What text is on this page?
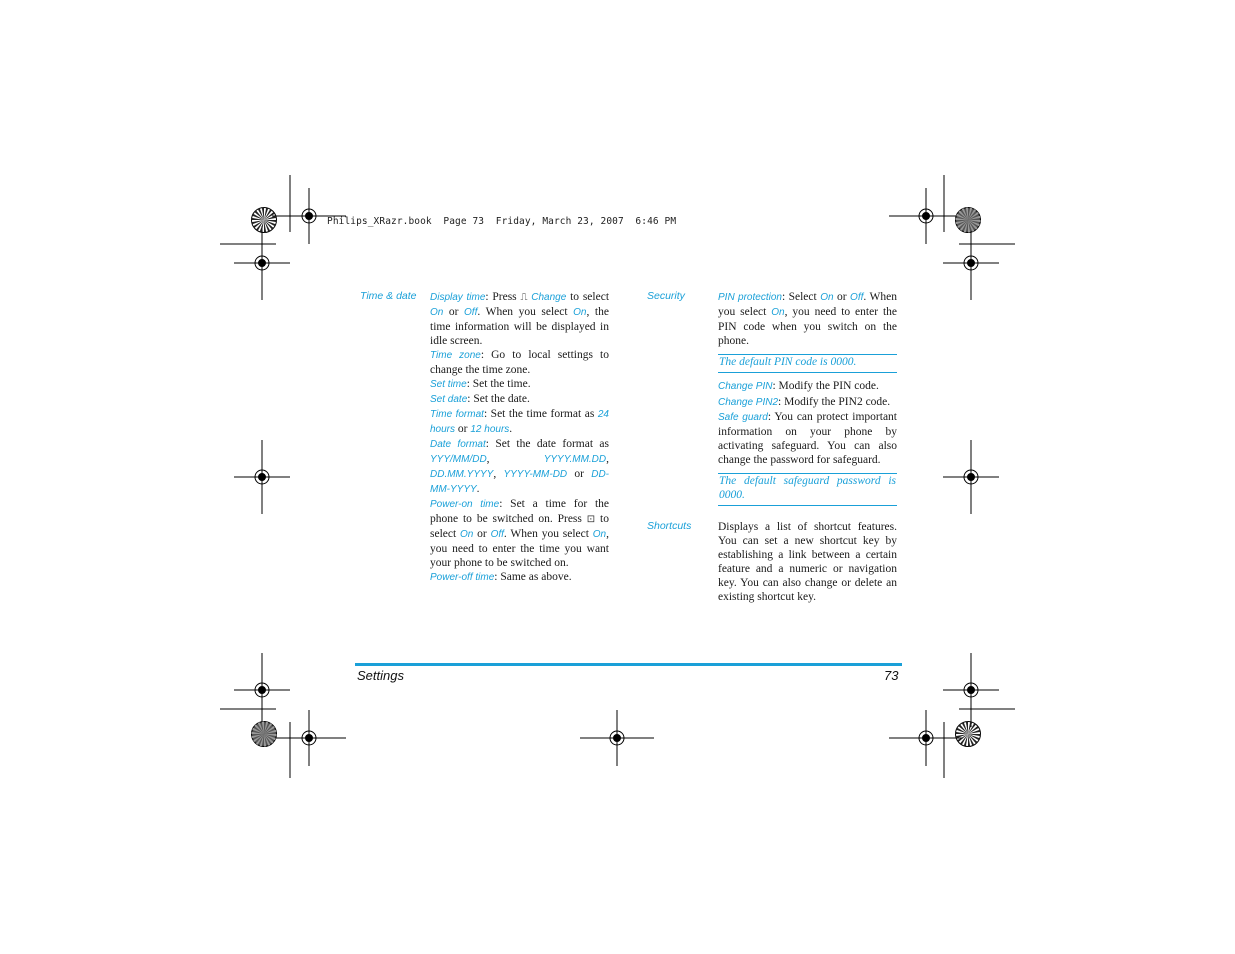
Philips_XRazr.book  Page 73  Friday, March 23, 2007  6:46 PM
Time & date Display time: Press ⎍ Change to select On or Off. When you select On, the time information will be displayed in idle screen.

Time zone: Go to local settings to change the time zone.

Set time: Set the time.

Set date: Set the date.

Time format: Set the time format as 24 hours or 12 hours.

Date format: Set the date format as YYY/MM/DD, YYYY.MM.DD, DD.MM.YYYY, YYYY-MM-DD or DD-MM-YYYY.

Power-on time: Set a time for the phone to be switched on. Press ⊡ to select On or Off. When you select On, you need to enter the time you want your phone to be switched on.

Power-off time: Same as above.

Security	PIN protection: Select On or Off. When you select On, you need to enter the PIN code when you switch on the phone.

The default PIN code is 0000.

Change PIN: Modify the PIN code.

Change PIN2: Modify the PIN2 code.

Safe guard: You can protect important information on your phone by activating safeguard. You can also change the password for safeguard.

The default safeguard password is 0000.
Shortcuts Displays a list of shortcut features. You can set a new shortcut key by establishing a link between a certain feature and a numeric or navigation key. You can also change or delete an existing shortcut key.

Settings	73
